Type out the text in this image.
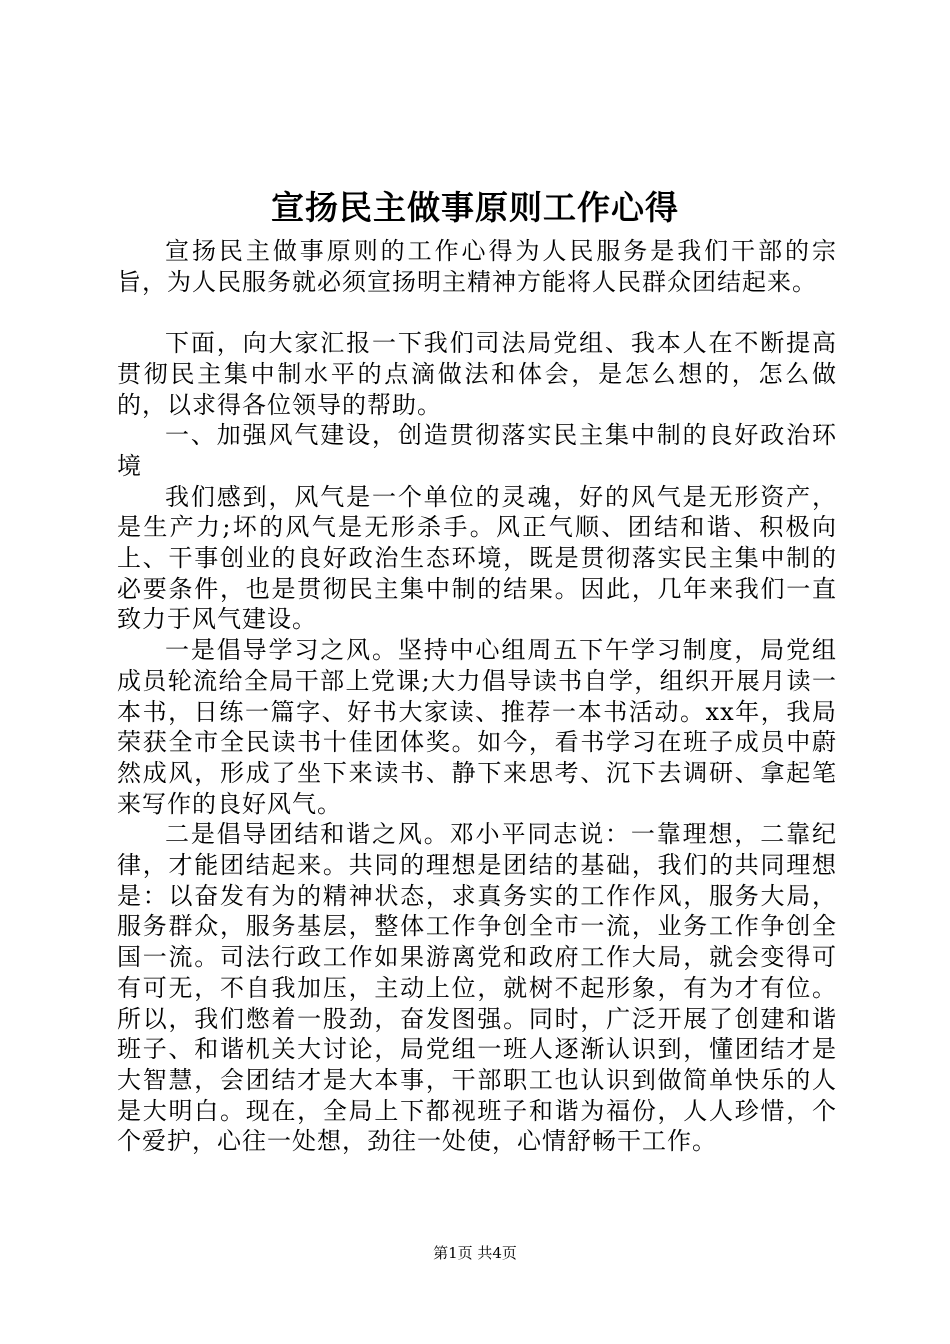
宣扬民主做事原则工作心得

宣扬民主做事原则的工作心得为人民服务是我们干部的宗旨，为人民服务就必须宣扬明主精神方能将人民群众团结起来。

下面，向大家汇报一下我们司法局党组、我本人在不断提高贯彻民主集中制水平的点滴做法和体会，是怎么想的，怎么做的，以求得各位领导的帮助。

一、加强风气建设，创造贯彻落实民主集中制的良好政治环境

我们感到，风气是一个单位的灵魂，好的风气是无形资产，是生产力;坏的风气是无形杀手。风正气顺、团结和谐、积极向上、干事创业的良好政治生态环境，既是贯彻落实民主集中制的必要条件，也是贯彻民主集中制的结果。因此，几年来我们一直致力于风气建设。

一是倡导学习之风。坚持中心组周五下午学习制度，局党组成员轮流给全局干部上党课;大力倡导读书自学，组织开展月读一本书，日练一篇字、好书大家读、推荐一本书活动。xx年，我局荣获全市全民读书十佳团体奖。如今，看书学习在班子成员中蔚然成风，形成了坐下来读书、静下来思考、沉下去调研、拿起笔来写作的良好风气。

二是倡导团结和谐之风。邓小平同志说：一靠理想，二靠纪律，才能团结起来。共同的理想是团结的基础，我们的共同理想是：以奋发有为的精神状态，求真务实的工作作风，服务大局，服务群众，服务基层，整体工作争创全市一流，业务工作争创全国一流。司法行政工作如果游离党和政府工作大局，就会变得可有可无，不自我加压，主动上位，就树不起形象，有为才有位。所以，我们憋着一股劲，奋发图强。同时，广泛开展了创建和谐班子、和谐机关大讨论，局党组一班人逐渐认识到，懂团结才是大智慧，会团结才是大本事，干部职工也认识到做简单快乐的人是大明白。现在，全局上下都视班子和谐为福份，人人珍惜，个个爱护，心往一处想，劲往一处使，心情舒畅干工作。

第1页 共4页
